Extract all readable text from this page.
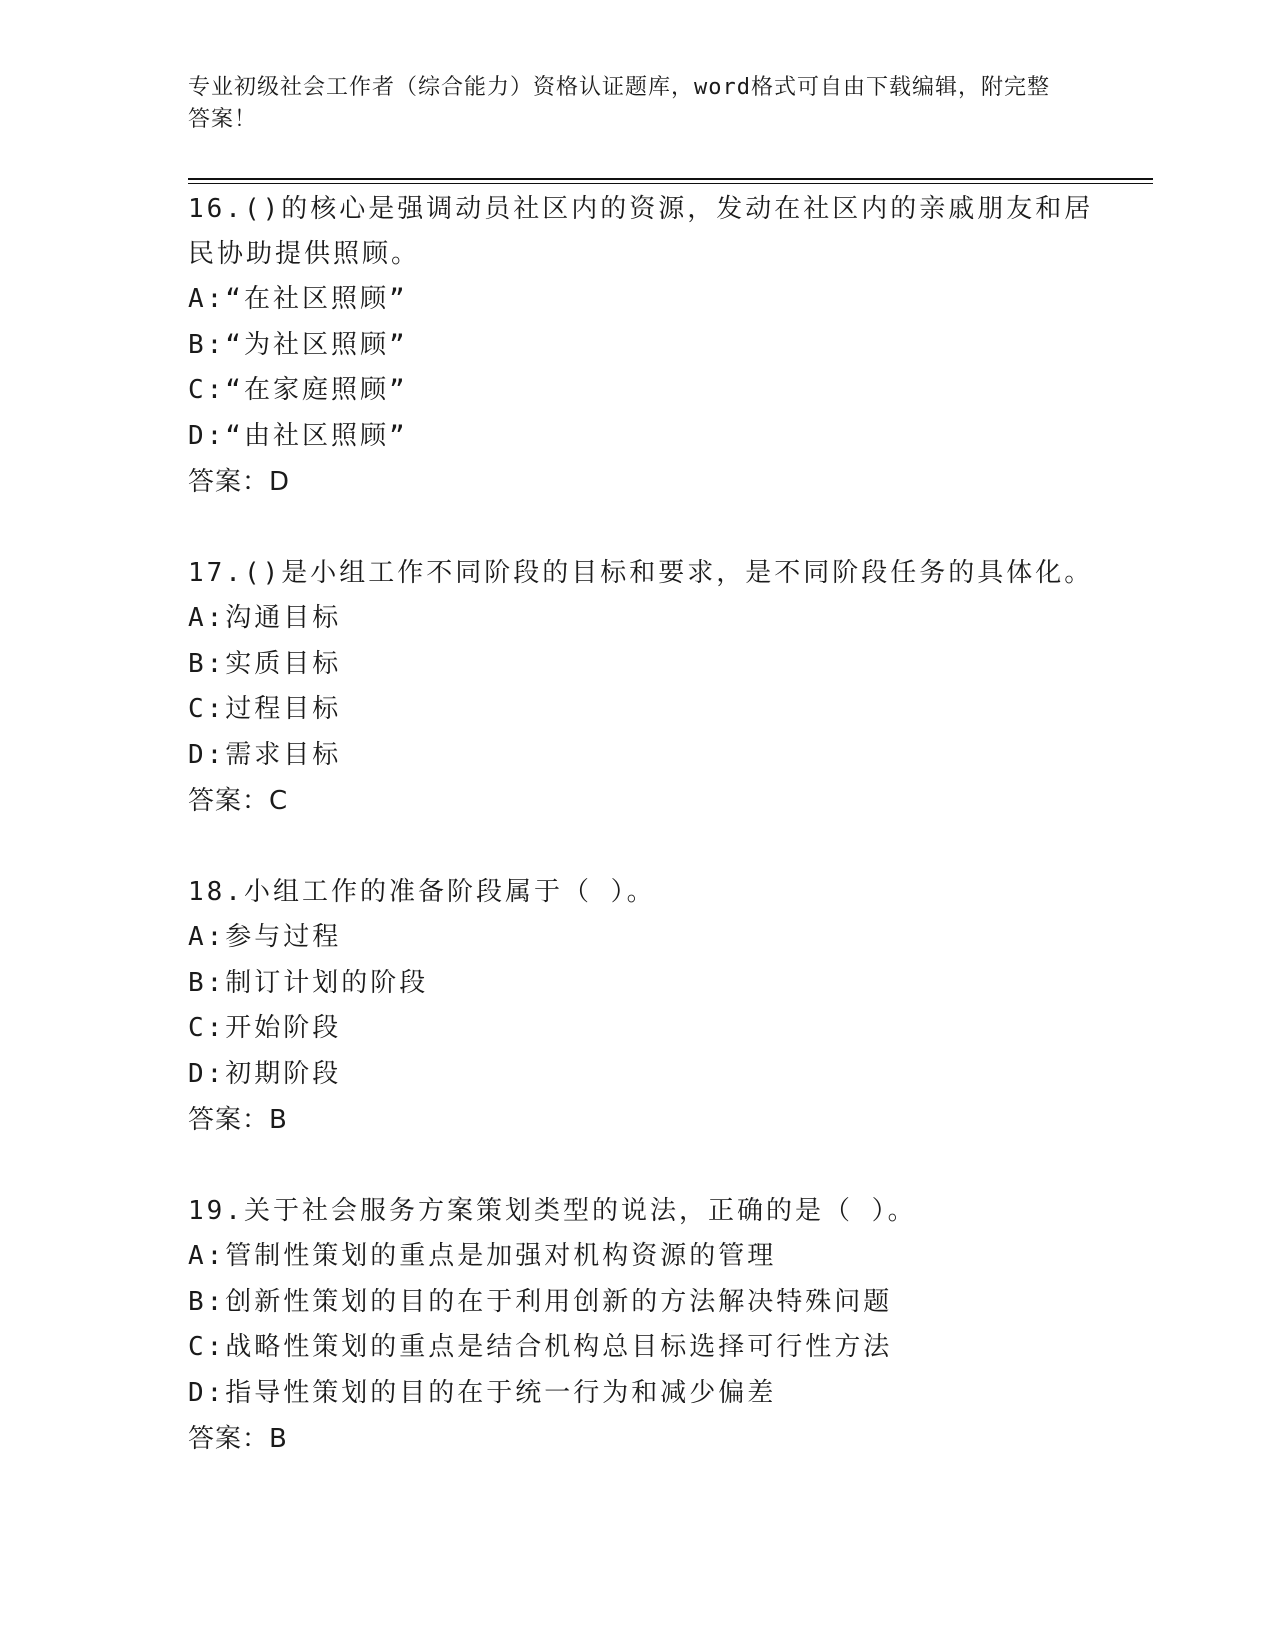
专业初级社会工作者（综合能力）资格认证题库，word格式可自由下载编辑，附完整答案！
16.()的核心是强调动员社区内的资源，发动在社区内的亲戚朋友和居民协助提供照顾。
A:“在社区照顾”
B:“为社区照顾”
C:“在家庭照顾”
D:“由社区照顾”
答案：D
17.()是小组工作不同阶段的目标和要求，是不同阶段任务的具体化。
A:沟通目标
B:实质目标
C:过程目标
D:需求目标
答案：C
18.小组工作的准备阶段属于（ ）。
A:参与过程
B:制订计划的阶段
C:开始阶段
D:初期阶段
答案：B
19.关于社会服务方案策划类型的说法，正确的是（ ）。
A:管制性策划的重点是加强对机构资源的管理
B:创新性策划的目的在于利用创新的方法解决特殊问题
C:战略性策划的重点是结合机构总目标选择可行性方法
D:指导性策划的目的在于统一行为和减少偏差
答案：B
